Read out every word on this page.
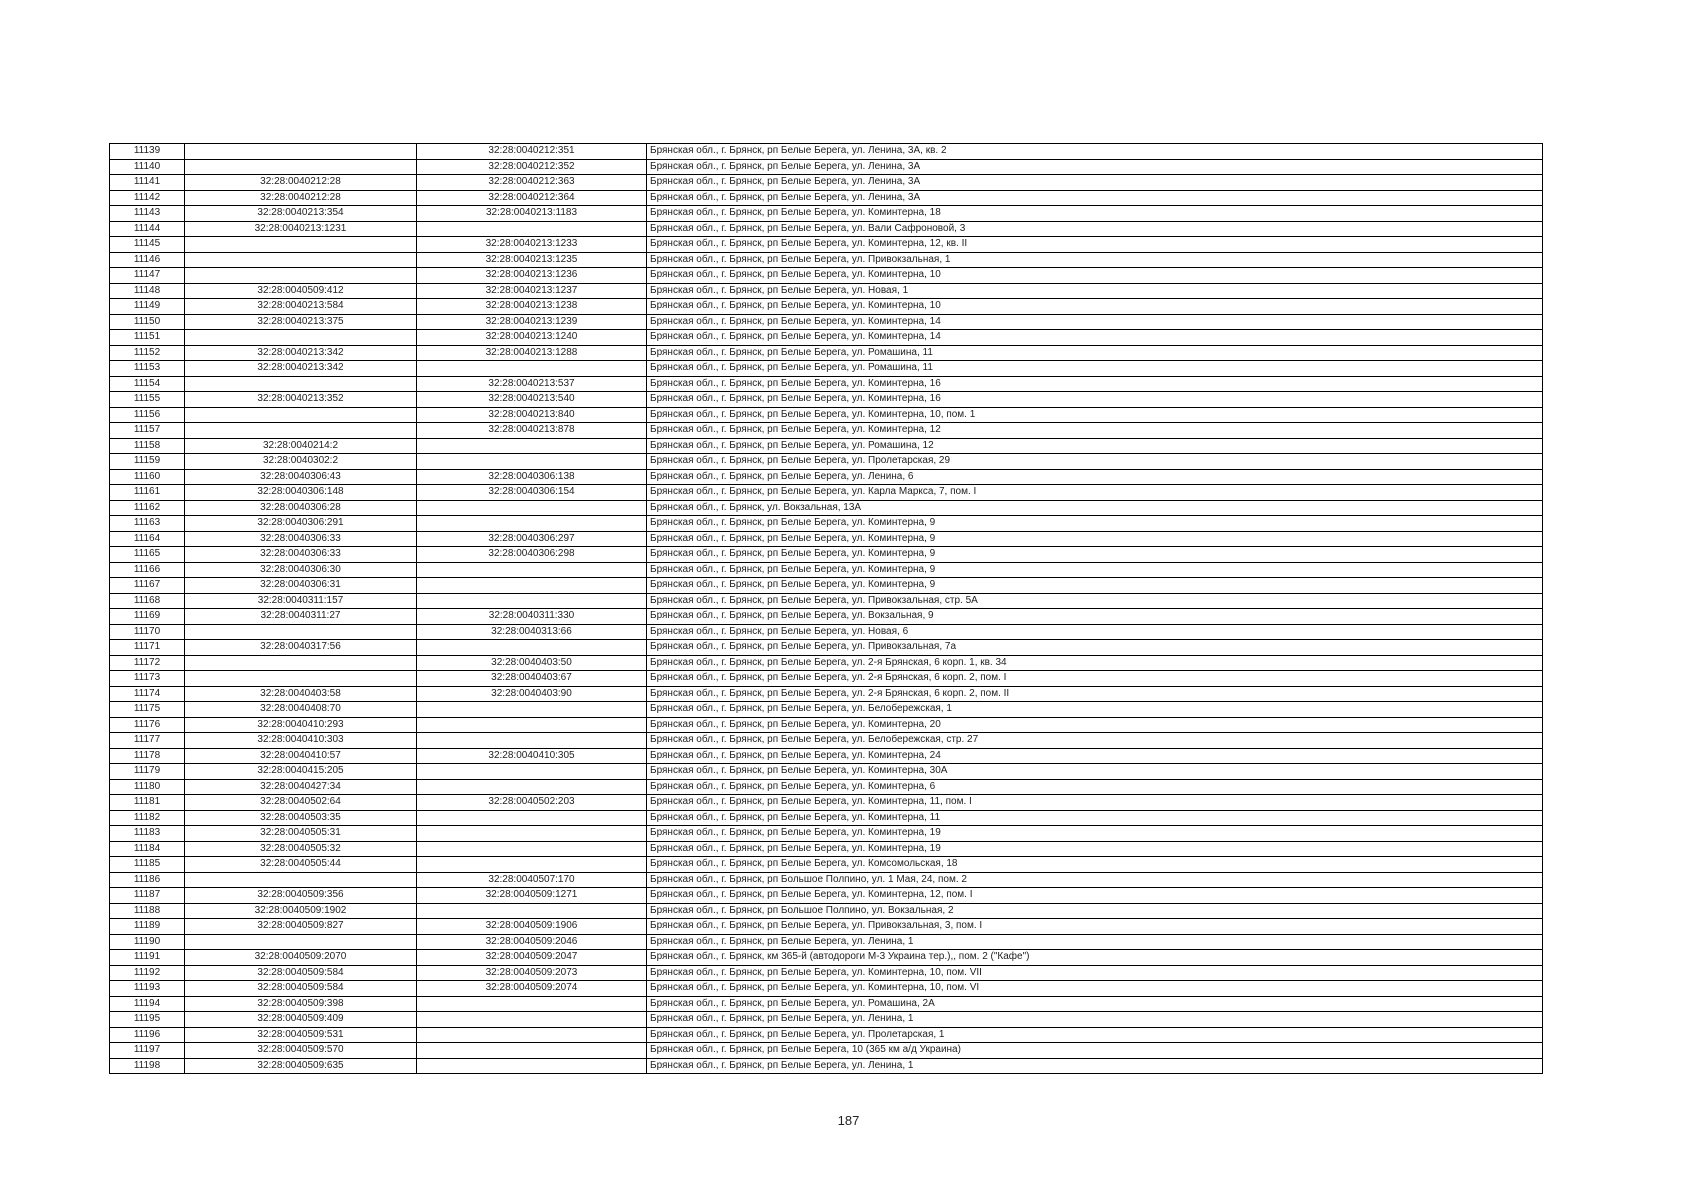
11139		32:28:0040212:351	Брянская обл., г. Брянск, рп Белые Берега, ул. Ленина, 3А, кв. 2
11140		32:28:0040212:352	Брянская обл., г. Брянск, рп Белые Берега, ул. Ленина, 3А
11141	32:28:0040212:28	32:28:0040212:363	Брянская обл., г. Брянск, рп Белые Берега, ул. Ленина, 3А
11142	32:28:0040212:28	32:28:0040212:364	Брянская обл., г. Брянск, рп Белые Берега, ул. Ленина, 3А
11143	32:28:0040213:354	32:28:0040213:1183	Брянская обл., г. Брянск, рп Белые Берега, ул. Коминтерна, 18
11144	32:28:0040213:1231		Брянская обл., г. Брянск, рп Белые Берега, ул. Вали Сафроновой, 3
11145		32:28:0040213:1233	Брянская обл., г. Брянск, рп Белые Берега, ул. Коминтерна, 12, кв. II
11146		32:28:0040213:1235	Брянская обл., г. Брянск, рп Белые Берега, ул. Привокзальная, 1
11147		32:28:0040213:1236	Брянская обл., г. Брянск, рп Белые Берега, ул. Коминтерна, 10
11148	32:28:0040509:412	32:28:0040213:1237	Брянская обл., г. Брянск, рп Белые Берега, ул. Новая, 1
11149	32:28:0040213:584	32:28:0040213:1238	Брянская обл., г. Брянск, рп Белые Берега, ул. Коминтерна, 10
11150	32:28:0040213:375	32:28:0040213:1239	Брянская обл., г. Брянск, рп Белые Берега, ул. Коминтерна, 14
11151		32:28:0040213:1240	Брянская обл., г. Брянск, рп Белые Берега, ул. Коминтерна, 14
11152	32:28:0040213:342	32:28:0040213:1288	Брянская обл., г. Брянск, рп Белые Берега, ул. Ромашина, 11
11153	32:28:0040213:342		Брянская обл., г. Брянск, рп Белые Берега, ул. Ромашина, 11
11154		32:28:0040213:537	Брянская обл., г. Брянск, рп Белые Берега, ул. Коминтерна, 16
11155	32:28:0040213:352	32:28:0040213:540	Брянская обл., г. Брянск, рп Белые Берега, ул. Коминтерна, 16
11156		32:28:0040213:840	Брянская обл., г. Брянск, рп Белые Берега, ул. Коминтерна, 10, пом. 1
11157		32:28:0040213:878	Брянская обл., г. Брянск, рп Белые Берега, ул. Коминтерна, 12
11158	32:28:0040214:2		Брянская обл., г. Брянск, рп Белые Берега, ул. Ромашина, 12
11159	32:28:0040302:2		Брянская обл., г. Брянск, рп Белые Берега, ул. Пролетарская, 29
11160	32:28:0040306:43	32:28:0040306:138	Брянская обл., г. Брянск, рп Белые Берега, ул. Ленина, 6
11161	32:28:0040306:148	32:28:0040306:154	Брянская обл., г. Брянск, рп Белые Берега, ул. Карла Маркса, 7, пом. I
11162	32:28:0040306:28		Брянская обл., г. Брянск, ул. Вокзальная, 13А
11163	32:28:0040306:291		Брянская обл., г. Брянск, рп Белые Берега, ул. Коминтерна, 9
11164	32:28:0040306:33	32:28:0040306:297	Брянская обл., г. Брянск, рп Белые Берега, ул. Коминтерна, 9
11165	32:28:0040306:33	32:28:0040306:298	Брянская обл., г. Брянск, рп Белые Берега, ул. Коминтерна, 9
11166	32:28:0040306:30		Брянская обл., г. Брянск, рп Белые Берега, ул. Коминтерна, 9
11167	32:28:0040306:31		Брянская обл., г. Брянск, рп Белые Берега, ул. Коминтерна, 9
11168	32:28:0040311:157		Брянская обл., г. Брянск, рп Белые Берега, ул. Привокзальная, стр. 5А
11169	32:28:0040311:27	32:28:0040311:330	Брянская обл., г. Брянск, рп Белые Берега, ул. Вокзальная, 9
11170		32:28:0040313:66	Брянская обл., г. Брянск, рп Белые Берега, ул. Новая, 6
11171	32:28:0040317:56		Брянская обл., г. Брянск, рп Белые Берега, ул. Привокзальная, 7а
11172		32:28:0040403:50	Брянская обл., г. Брянск, рп Белые Берега, ул. 2-я Брянская, 6 корп. 1, кв. 34
11173		32:28:0040403:67	Брянская обл., г. Брянск, рп Белые Берега, ул. 2-я Брянская, 6 корп. 2, пом. I
11174	32:28:0040403:58	32:28:0040403:90	Брянская обл., г. Брянск, рп Белые Берега, ул. 2-я Брянская, 6 корп. 2, пом. II
11175	32:28:0040408:70		Брянская обл., г. Брянск, рп Белые Берега, ул. Белобережская, 1
11176	32:28:0040410:293		Брянская обл., г. Брянск, рп Белые Берега, ул. Коминтерна, 20
11177	32:28:0040410:303		Брянская обл., г. Брянск, рп Белые Берега, ул. Белобережская, стр. 27
11178	32:28:0040410:57	32:28:0040410:305	Брянская обл., г. Брянск, рп Белые Берега, ул. Коминтерна, 24
11179	32:28:0040415:205		Брянская обл., г. Брянск, рп Белые Берега, ул. Коминтерна, 30А
11180	32:28:0040427:34		Брянская обл., г. Брянск, рп Белые Берега, ул. Коминтерна, 6
11181	32:28:0040502:64	32:28:0040502:203	Брянская обл., г. Брянск, рп Белые Берега, ул. Коминтерна, 11, пом. I
11182	32:28:0040503:35		Брянская обл., г. Брянск, рп Белые Берега, ул. Коминтерна, 11
11183	32:28:0040505:31		Брянская обл., г. Брянск, рп Белые Берега, ул. Коминтерна, 19
11184	32:28:0040505:32		Брянская обл., г. Брянск, рп Белые Берега, ул. Коминтерна, 19
11185	32:28:0040505:44		Брянская обл., г. Брянск, рп Белые Берега, ул. Комсомольская, 18
11186		32:28:0040507:170	Брянская обл., г. Брянск, рп Большое Полпино, ул. 1 Мая, 24, пом. 2
11187	32:28:0040509:356	32:28:0040509:1271	Брянская обл., г. Брянск, рп Белые Берега, ул. Коминтерна, 12, пом. I
11188	32:28:0040509:1902		Брянская обл., г. Брянск, рп Большое Полпино, ул. Вокзальная, 2
11189	32:28:0040509:827	32:28:0040509:1906	Брянская обл., г. Брянск, рп Белые Берега, ул. Привокзальная, 3, пом. I
11190		32:28:0040509:2046	Брянская обл., г. Брянск, рп Белые Берега, ул. Ленина, 1
11191	32:28:0040509:2070	32:28:0040509:2047	Брянская обл., г. Брянск, км 365-й (автодороги М-3 Украина тер.),, пом. 2 ("Кафе")
11192	32:28:0040509:584	32:28:0040509:2073	Брянская обл., г. Брянск, рп Белые Берега, ул. Коминтерна, 10, пом. VII
11193	32:28:0040509:584	32:28:0040509:2074	Брянская обл., г. Брянск, рп Белые Берега, ул. Коминтерна, 10, пом. VI
11194	32:28:0040509:398		Брянская обл., г. Брянск, рп Белые Берега, ул. Ромашина, 2А
11195	32:28:0040509:409		Брянская обл., г. Брянск, рп Белые Берега, ул. Ленина, 1
11196	32:28:0040509:531		Брянская обл., г. Брянск, рп Белые Берега, ул. Пролетарская, 1
11197	32:28:0040509:570		Брянская обл., г. Брянск, рп Белые Берега, 10 (365 км а/д Украина)
11198	32:28:0040509:635		Брянская обл., г. Брянск, рп Белые Берега, ул. Ленина, 1
187
